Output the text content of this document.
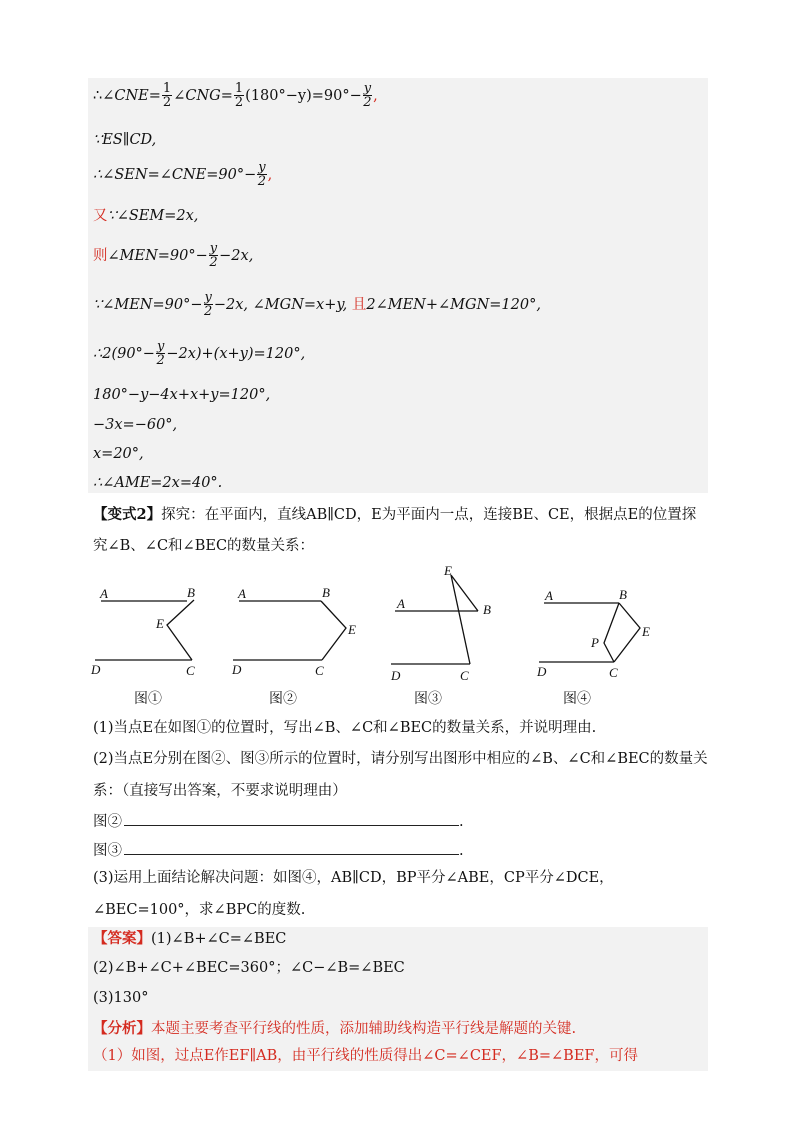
∴∠CNE= $\frac{1}{2}$ ∠CNG= $\frac{1}{2} (180^\circ-y)=90^\circ- \frac{y}{2}$ ,
∵ES∥CD,
∴∠SEN=∠CNE=90°− $\frac{y}{2}$ ,
又∵∠SEM=2x,
则∠MEN=90°− $\frac{y}{2} -2x$,
∵∠MEN=90°− $\frac{y}{2} -2x$, ∠MGN=x+y, 且2∠MEN+∠MGN=120°,
∴2(90°− $\frac{y}{2} -2x)+(x+y)=120^\circ$,
180°−y−4x+x+y=120°,
−3x=−60°,
x=20°,
∴∠AME=2x=40°.
【变式2】探究：在平面内，直线AB∥CD，E为平面内一点，连接BE、CE，根据点E的位置探
究∠B、∠C和∠BEC的数量关系：
A	B
E
D	C
A	B
E
D	C
E
A	B
D	C
A	B
E
P
D	C
图①	图②	图③	图④
(1)当点E在如图①的位置时，写出∠B、∠C和∠BEC的数量关系，并说明理由.
(2)当点E分别在图②、图③所示的位置时，请分别写出图形中相应的∠B、∠C和∠BEC的数量关
系：（直接写出答案，不要求说明理由）
图②	.
图③	.
(3)运用上面结论解决问题：如图④，AB∥CD，BP平分∠ABE，CP平分∠DCE，
∠BEC=100°，求∠BPC的度数.
【答案】(1)∠B+∠C=∠BEC
(2)∠B+∠C+∠BEC=360°；∠C−∠B=∠BEC
(3)130°
【分析】本题主要考查平行线的性质，添加辅助线构造平行线是解题的关键.
（1）如图，过点E作EF∥AB，由平行线的性质得出∠C=∠CEF，∠B=∠BEF，可得
